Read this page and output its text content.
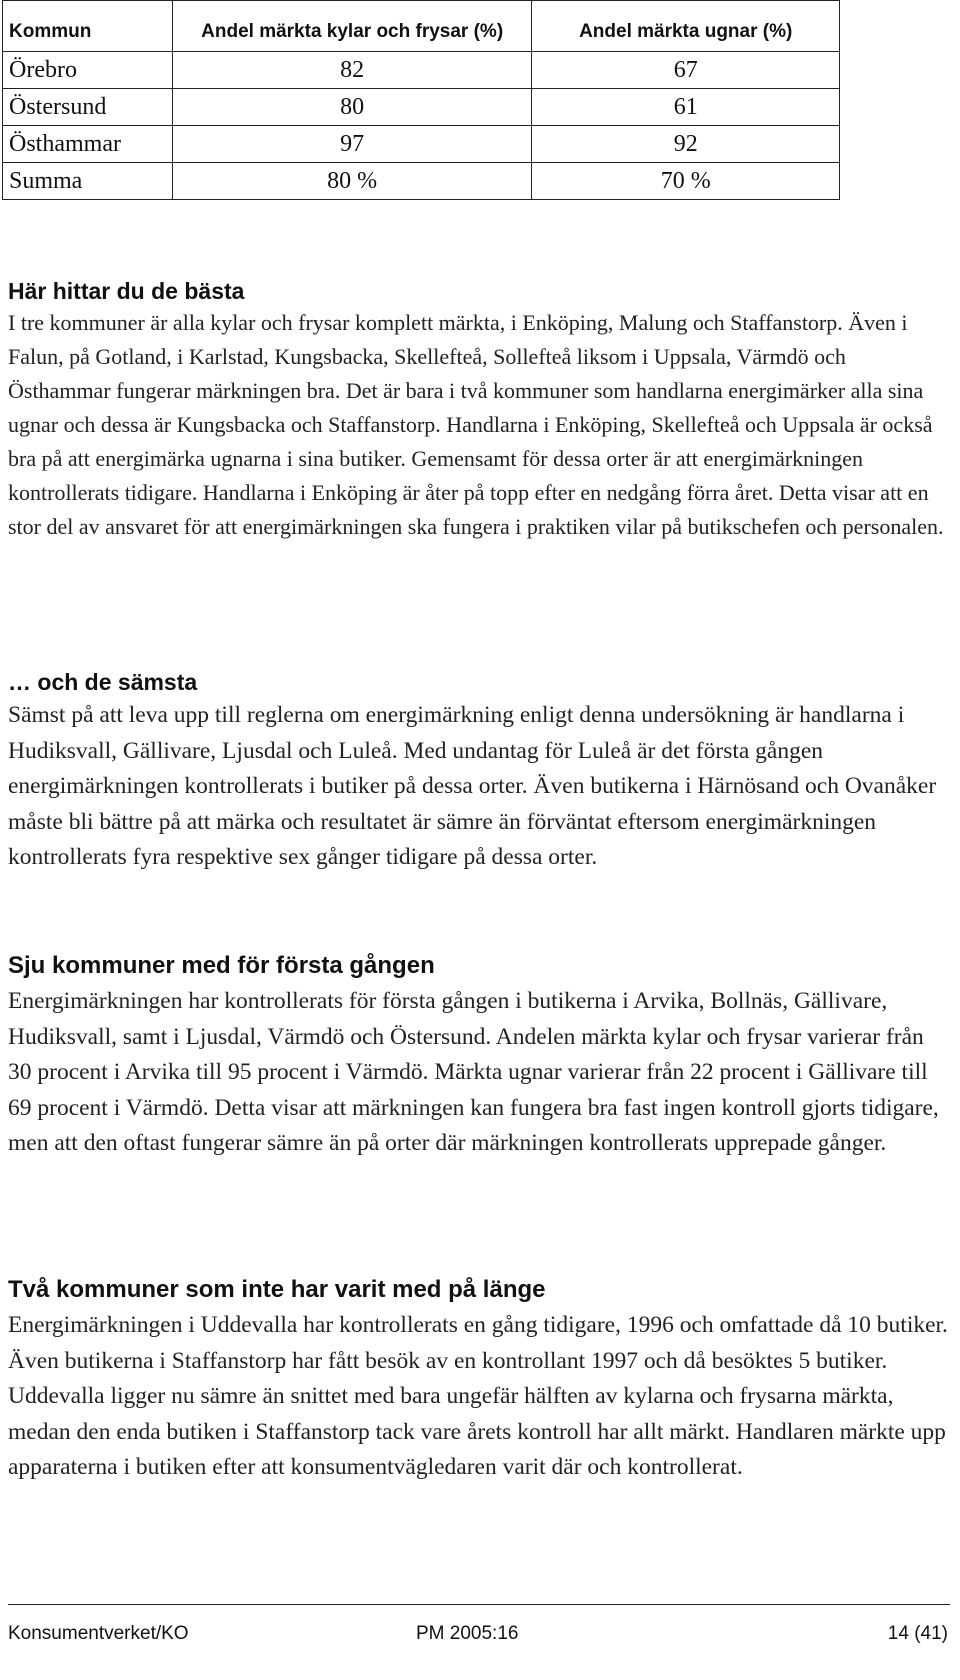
Kommun	Andel märkta kylar och frysar (%)	Andel märkta ugnar (%)
Örebro	82	67
Östersund	80	61
Östhammar	97	92
Summa	80 %	70 %
Här hittar du de bästa

I tre kommuner är alla kylar och frysar komplett märkta, i Enköping, Malung och Staffanstorp. Även i Falun, på Gotland, i Karlstad, Kungsbacka, Skellefteå, Sollefteå liksom i Uppsala, Värmdö och Östhammar fungerar märkningen bra. Det är bara i två kommuner som handlarna energimärker alla sina ugnar och dessa är Kungsbacka och Staffanstorp. Handlarna i Enköping, Skellefteå och Uppsala är också bra på att energimärka ugnarna i sina butiker. Gemensamt för dessa orter är att energimärkningen kontrollerats tidigare. Handlarna i Enköping är åter på topp efter en nedgång förra året. Detta visar att en stor del av ansvaret för att energimärkningen ska fungera i praktiken vilar på butikschefen och personalen.

… och de sämsta

Sämst på att leva upp till reglerna om energimärkning enligt denna undersökning är handlarna i Hudiksvall, Gällivare, Ljusdal och Luleå. Med undantag för Luleå är det första gången energimärkningen kontrollerats i butiker på dessa orter. Även butikerna i Härnösand och Ovanåker måste bli bättre på att märka och resultatet är sämre än förväntat eftersom energimärkningen kontrollerats fyra respektive sex gånger tidigare på dessa orter.

Sju kommuner med för första gången

Energimärkningen har kontrollerats för första gången i butikerna i Arvika, Bollnäs, Gällivare, Hudiksvall, samt i Ljusdal, Värmdö och Östersund. Andelen märkta kylar och frysar varierar från 30 procent i Arvika till 95 procent i Värmdö. Märkta ugnar varierar från 22 procent i Gällivare till 69 procent i Värmdö. Detta visar att märkningen kan fungera bra fast ingen kontroll gjorts tidigare, men att den oftast fungerar sämre än på orter där märkningen kontrollerats upprepade gånger.

Två kommuner som inte har varit med på länge

Energimärkningen i Uddevalla har kontrollerats en gång tidigare, 1996 och omfattade då 10 butiker. Även butikerna i Staffanstorp har fått besök av en kontrollant 1997 och då besöktes 5 butiker. Uddevalla ligger nu sämre än snittet med bara ungefär hälften av kylarna och frysarna märkta, medan den enda butiken i Staffanstorp tack vare årets kontroll har allt märkt. Handlaren märkte upp apparaterna i butiken efter att konsumentvägledaren varit där och kontrollerat.

Konsumentverket/KO	PM 2005:16	14 (41)
